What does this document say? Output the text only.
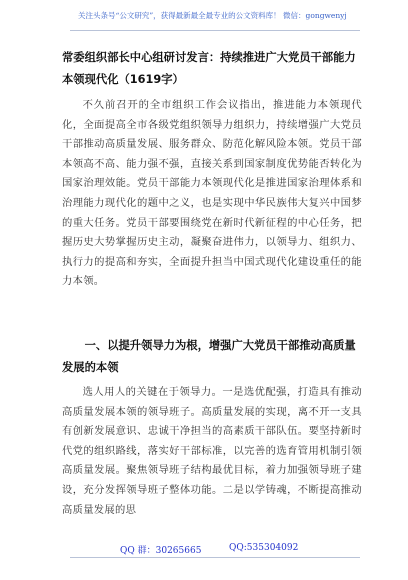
关注头条号“公文研究”，获得最新最全最专业的公文资料库！ 微信：gongwenyj
常委组织部长中心组研讨发言：持续推进广大党员干部能力本领现代化（1619字）
不久前召开的全市组织工作会议指出，推进能力本领现代化，全面提高全市各级党组织领导力组织力，持续增强广大党员干部推动高质量发展、服务群众、防范化解风险本领。党员干部本领高不高、能力强不强，直接关系到国家制度优势能否转化为国家治理效能。党员干部能力本领现代化是推进国家治理体系和治理能力现代化的题中之义，也是实现中华民族伟大复兴中国梦的重大任务。党员干部要围绕党在新时代新征程的中心任务，把握历史大势掌握历史主动，凝聚奋进伟力，以领导力、组织力、执行力的提高和夯实，全面提升担当中国式现代化建设重任的能力本领。
一、以提升领导力为根，增强广大党员干部推动高质量发展的本领
选人用人的关键在于领导力。一是选优配强，打造具有推动高质量发展本领的领导班子。高质量发展的实现，离不开一支具有创新发展意识、忠诚干净担当的高素质干部队伍。要坚持新时代党的组织路线，落实好干部标准，以完善的选育管用机制引领高质量发展。聚焦领导班子结构最优目标，着力加强领导班子建设，充分发挥领导班子整体功能。二是以学铸魂，不断提高推动高质量发展的思
QQ 群：30265665	QQ:535304092
